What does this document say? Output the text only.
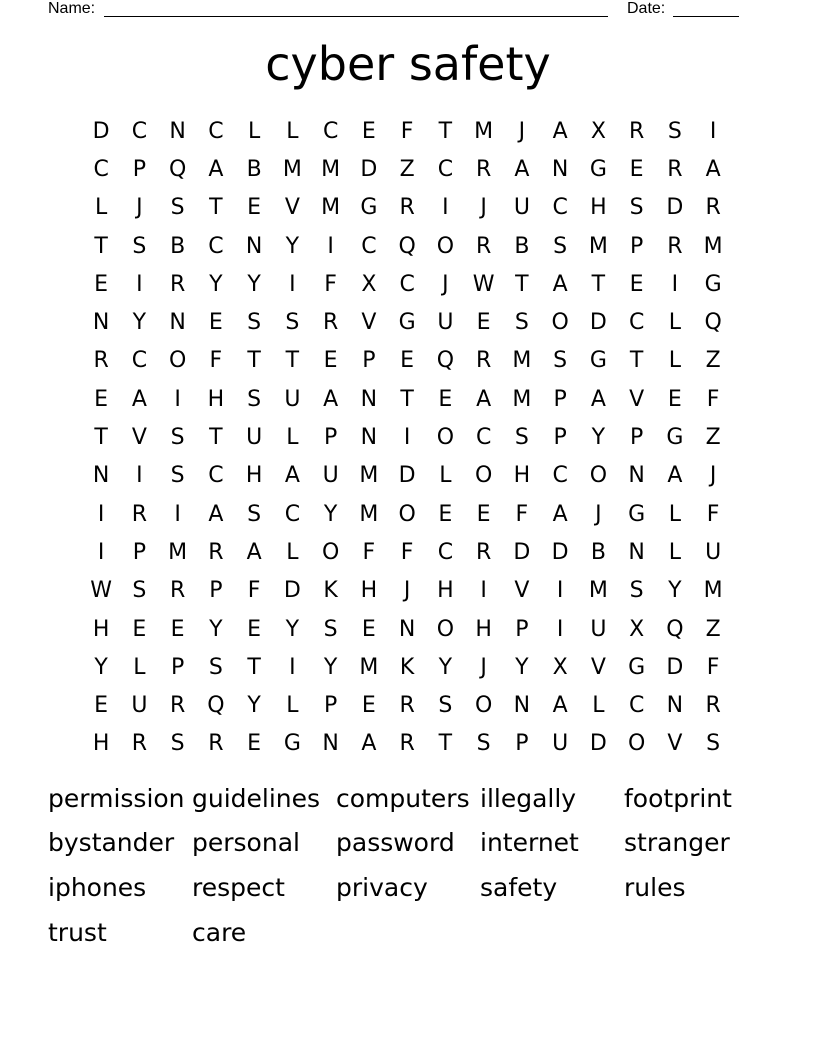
Name:	Date:
cyber safety
D	C	N	C	L	L	C	E	F	T	M	J	A	X	R	S	I
C	P	Q	A	B M M D	Z	C	R	A	N G	E	R	A
L	J	S	T	E	V M G	R	I	J	U	C	H	S	D	R
T	S	B	C	N	Y	I	C Q O R	B	S M	P	R M
E	I	R	Y	Y	I	F	X	C	J	W T	A	T	E	I	G
N	Y	N	E	S	S	R	V	G U	E	S	O D	C	L	Q
R	C O	F	T	T	E	P	E	Q R M S	G	T	L	Z
E	A	I	H	S	U	A	N	T	E	A M	P	A	V	E	F
T	V	S	T	U	L	P	N	I	O C	S	P	Y	P	G	Z
N	I	S	C	H	A	U M D	L	O H	C O N	A	J
I	R	I	A	S	C	Y	M O	E	E	F	A	J	G	L	F
I	P	M R	A	L	O	F	F	C	R	D D	B	N	L	U
W S	R	P	F	D	K	H	J	H	I	V	I	M S	Y	M
H	E	E	Y	E	Y	S	E	N O H	P	I	U	X	Q	Z
Y	L	P	S	T	I	Y	M K	Y	J	Y	X	V	G D	F
E	U	R Q	Y	L	P	E	R	S	O N	A	L	C	N	R
H	R	S	R	E	G N	A	R	T	S	P	U D O	V	S
permission guidelines computers illegally	footprint
bystander personal	password	internet	stranger
iphones	respect	privacy	safety	rules
trust	care
